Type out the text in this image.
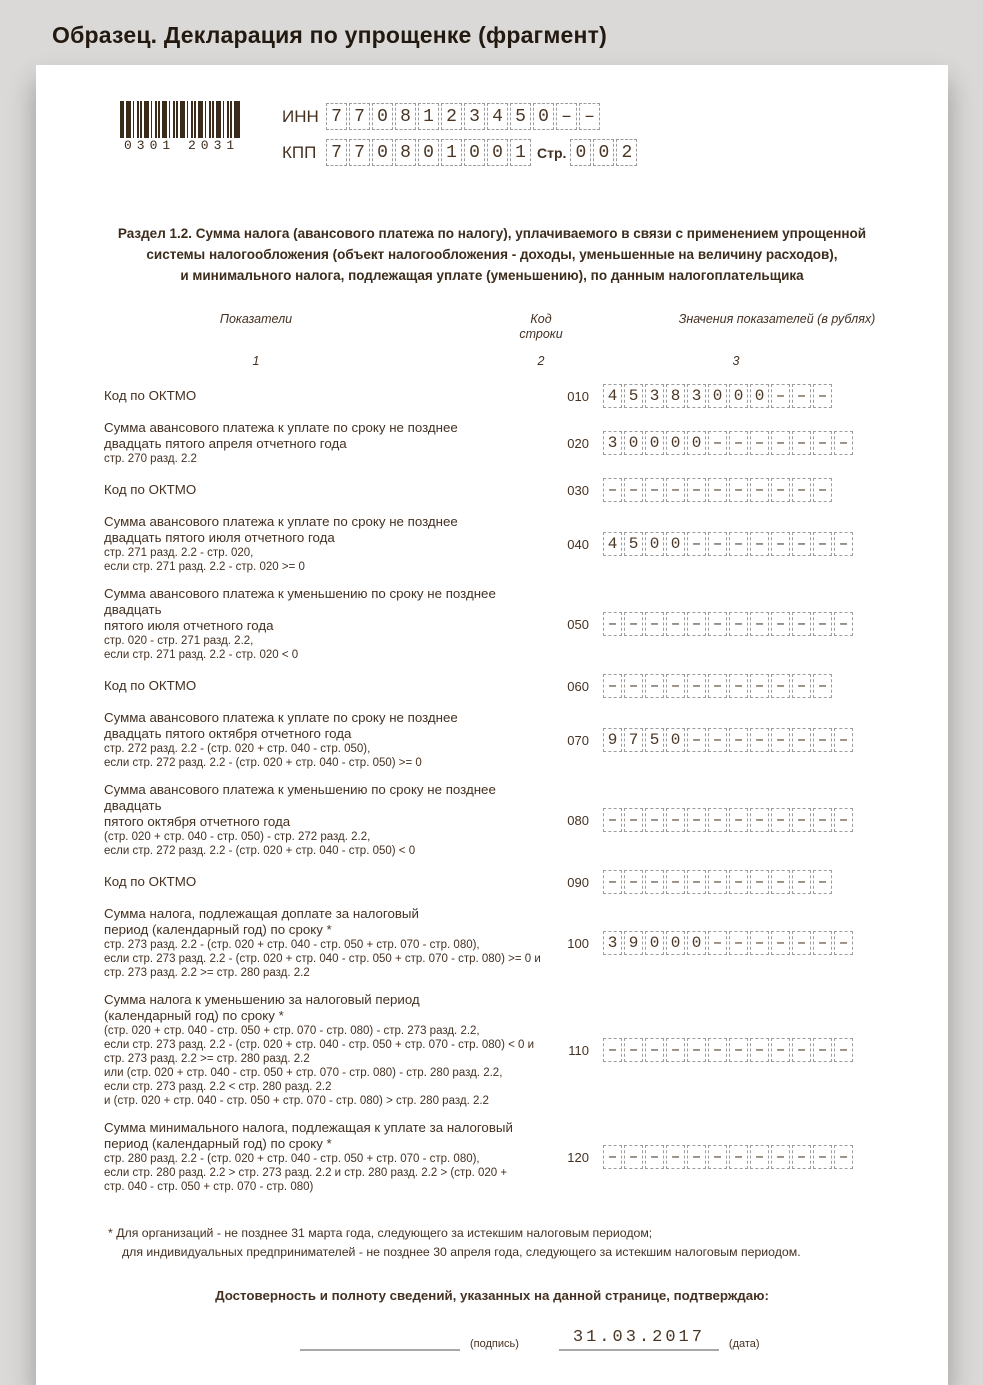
Образец. Декларация по упрощенке (фрагмент)
0301 2031
ИНН 7 7 0 8 1 2 3 4 5 0 – –
КПП 7 7 0 8 0 1 0 0 1 Стр. 0 0 2
Раздел 1.2. Сумма налога (авансового платежа по налогу), уплачиваемого в связи с применением упрощенной
системы налогообложения (объект налогообложения - доходы, уменьшенные на величину расходов),
и минимального налога, подлежащая уплате (уменьшению), по данным налогоплательщика
Показатели	Код
строки
Значения показателей (в рублях)
1	2	3
Код по ОКТМО	010	4 5 3 8 3 0 0 0 – – –
Сумма авансового платежа к уплате по сроку не позднее
двадцать пятого апреля отчетного года
стр. 270 разд. 2.2
020	3 0 0 0 0 – – – – – – –
Код по ОКТМО	030	– – – – – – – – – – –
Сумма авансового платежа к уплате по сроку не позднее
двадцать пятого июля отчетного года
стр. 271 разд. 2.2 - стр. 020,
если стр. 271 разд. 2.2 - стр. 020 >= 0
040	4 5 0 0 – – – – – – – –
Сумма авансового платежа к уменьшению по сроку не позднее двадцать
пятого июля отчетного года
стр. 020 - стр. 271 разд. 2.2,
если стр. 271 разд. 2.2 - стр. 020 < 0
050	– – – – – – – – – – – –
Код по ОКТМО	060	– – – – – – – – – – –
Сумма авансового платежа к уплате по сроку не позднее
двадцать пятого октября отчетного года
стр. 272 разд. 2.2 - (стр. 020 + стр. 040 - стр. 050),
если стр. 272 разд. 2.2 - (стр. 020 + стр. 040 - стр. 050) >= 0
070	9 7 5 0 – – – – – – – –
Сумма авансового платежа к уменьшению по сроку не позднее двадцать
пятого октября отчетного года
(стр. 020 + стр. 040 - стр. 050) - стр. 272 разд. 2.2,
если стр. 272 разд. 2.2 - (стр. 020 + стр. 040 - стр. 050) < 0
080	– – – – – – – – – – – –
Код по ОКТМО	090	– – – – – – – – – – –
Сумма налога, подлежащая доплате за налоговый
период (календарный год) по сроку *
стр. 273 разд. 2.2 - (стр. 020 + стр. 040 - стр. 050 + стр. 070 - стр. 080),
если стр. 273 разд. 2.2 - (стр. 020 + стр. 040 - стр. 050 + стр. 070 - стр. 080) >= 0 и
стр. 273 разд. 2.2 >= стр. 280 разд. 2.2
100	3 9 0 0 0 – – – – – – –
Сумма налога к уменьшению за налоговый период
(календарный год) по сроку *
(стр. 020 + стр. 040 - стр. 050 + стр. 070 - стр. 080) - стр. 273 разд. 2.2,
если стр. 273 разд. 2.2 - (стр. 020 + стр. 040 - стр. 050 + стр. 070 - стр. 080) < 0 и
стр. 273 разд. 2.2 >= стр. 280 разд. 2.2
или (стр. 020 + стр. 040 - стр. 050 + стр. 070 - стр. 080) - стр. 280 разд. 2.2,
если стр. 273 разд. 2.2 < стр. 280 разд. 2.2
и (стр. 020 + стр. 040 - стр. 050 + стр. 070 - стр. 080) > стр. 280 разд. 2.2
110	– – – – – – – – – – – –
Сумма минимального налога, подлежащая к уплате за налоговый
период (календарный год) по сроку *
стр. 280 разд. 2.2 - (стр. 020 + стр. 040 - стр. 050 + стр. 070 - стр. 080),
если стр. 280 разд. 2.2 > стр. 273 разд. 2.2 и стр. 280 разд. 2.2 > (стр. 020 +
стр. 040 - стр. 050 + стр. 070 - стр. 080)
120	– – – – – – – – – – – –
* Для организаций - не позднее 31 марта года, следующего за истекшим налоговым периодом;
для индивидуальных предпринимателей - не позднее 30 апреля года, следующего за истекшим налоговым периодом.
Достоверность и полноту сведений, указанных на данной странице, подтверждаю:
(подпись)	31.03.2017	(дата)
